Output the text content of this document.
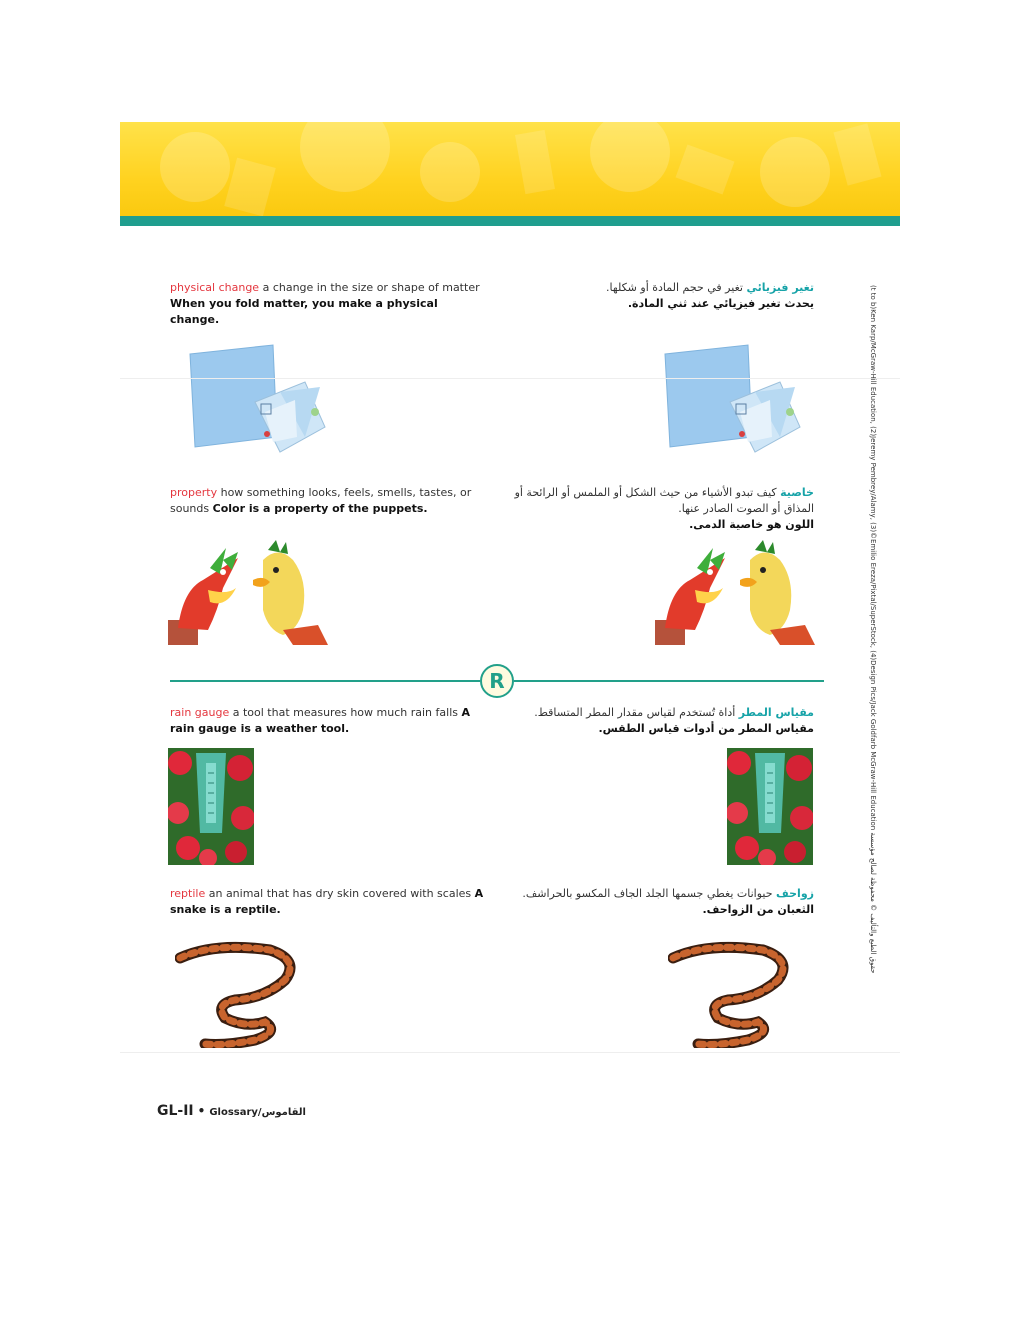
physical change a change in the size or shape of matter
When you fold matter, you make a physical change.

تغير فيزيائي تغير في حجم المادة أو شكلها.
يحدث تغير فيزيائي عند ثني المادة.

property how something looks, feels, smells, tastes, or sounds Color is a property of the puppets.

خاصية كيف تبدو الأشياء من حيث الشكل أو الملمس أو الرائحة أو المذاق أو الصوت الصادر عنها.
اللون هو خاصية الدمى.

R

rain gauge a tool that measures how much rain falls A rain gauge is a weather tool.

مقياس المطر أداة تُستخدم لقياس مقدار المطر المتساقط.
مقياس المطر من أدوات قياس الطقس.

reptile an animal that has dry skin covered with scales A snake is a reptile.

زواحف حيوانات يغطي جسمها الجلد الجاف المكسو بالحراشف.
الثعبان من الزواحف.

(t to b)Ken Karp/McGraw-Hill Education, (2)Jeremy Pembrey/Alamy, (3)©Emilio Ereza/Pixtal/SuperStock, (4)Design Pics/Jack Goldfarb McGraw-Hill Education حقوق الطبع والتأليف © محفوظة لصالح مؤسسة
GL-II • Glossary/القاموس
